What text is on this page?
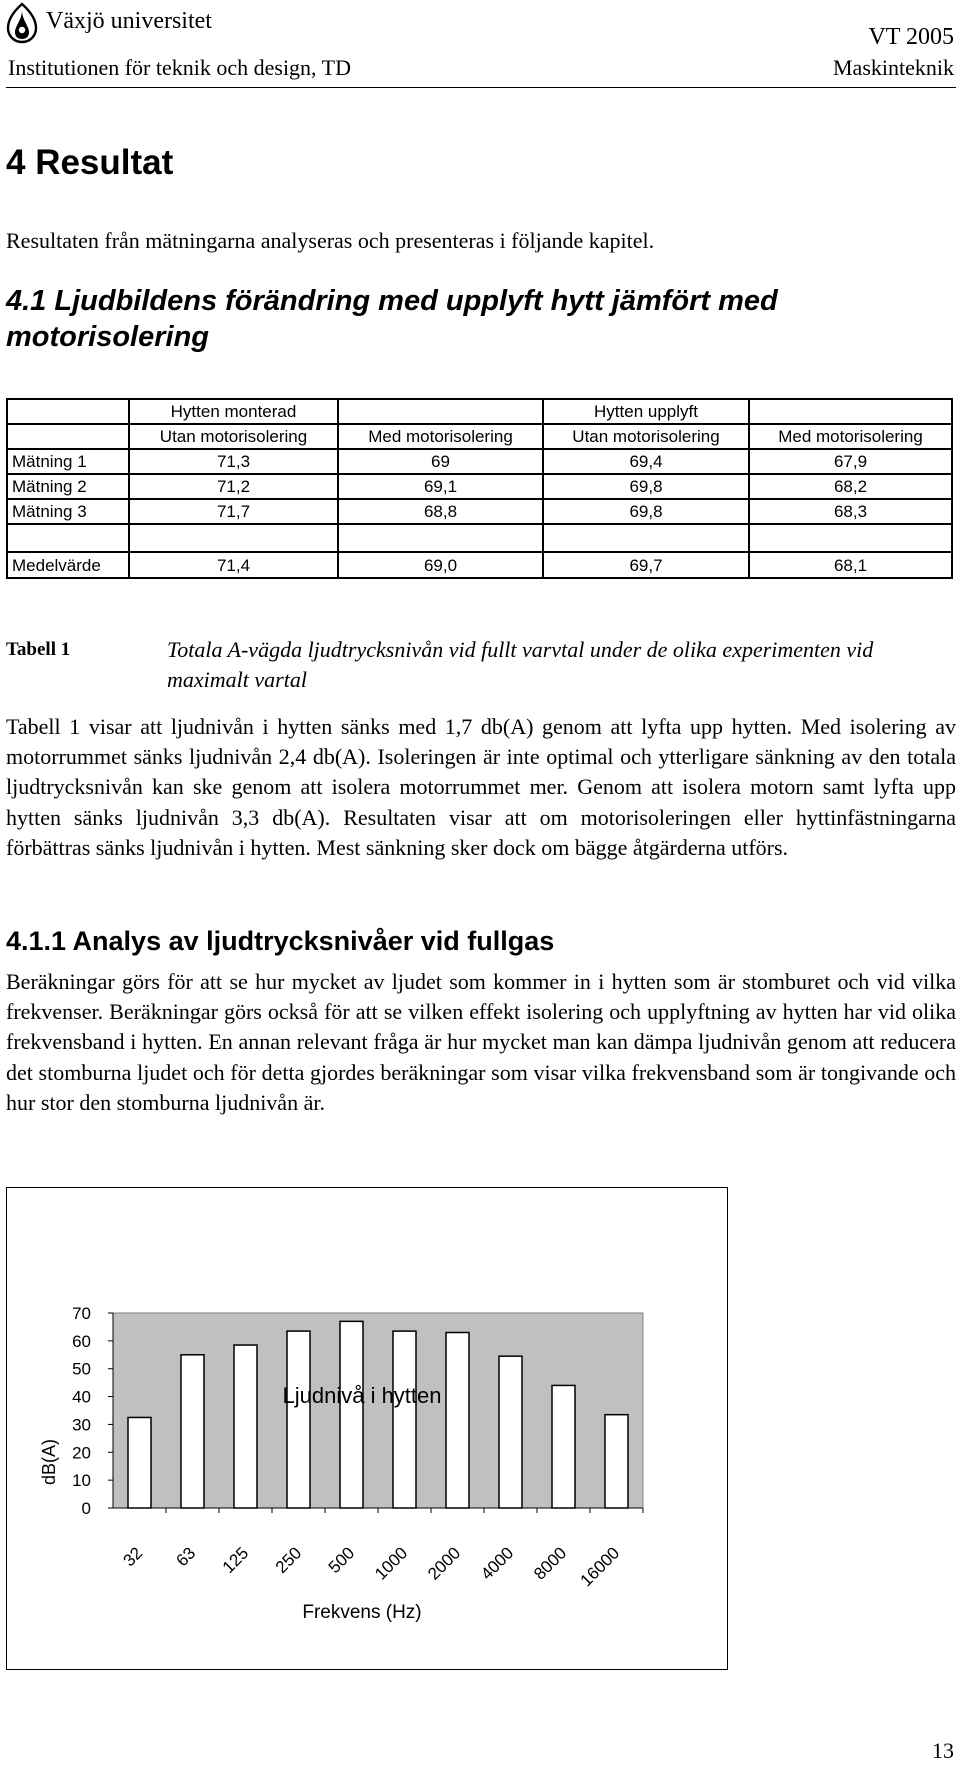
Växjö universitet
Institutionen för teknik och design, TD
VT 2005
Maskinteknik
4 Resultat
Resultaten från mätningarna analyseras och presenteras i följande kapitel.
4.1 Ljudbildens förändring med upplyft hytt jämfört med motorisolering
	Hytten monterad		Hytten upplyft	
	Utan motorisolering	Med motorisolering	Utan motorisolering	Med motorisolering
Mätning 1	71,3	69	69,4	67,9
Mätning 2	71,2	69,1	69,8	68,2
Mätning 3	71,7	68,8	69,8	68,3

Medelvärde	71,4	69,0	69,7	68,1
Tabell 1	Totala A-vägda ljudtrycksnivån vid fullt varvtal under de olika experimenten vid maximalt vartal
Tabell 1 visar att ljudnivån i hytten sänks med 1,7 db(A) genom att lyfta upp hytten. Med isolering av motorrummet sänks ljudnivån 2,4 db(A). Isoleringen är inte optimal och ytterligare sänkning av den totala ljudtrycksnivån kan ske genom att isolera motorrummet mer. Genom att isolera motorn samt lyfta upp hytten sänks ljudnivån 3,3 db(A). Resultaten visar att om motorisoleringen eller hyttinfästningarna förbättras sänks ljudnivån i hytten. Mest sänkning sker dock om bägge åtgärderna utförs.
4.1.1 Analys av ljudtrycksnivåer vid fullgas
Beräkningar görs för att se hur mycket av ljudet som kommer in i hytten som är stomburet och vid vilka frekvenser. Beräkningar görs också för att se vilken effekt isolering och upplyftning av hytten har vid olika frekvensband i hytten. En annan relevant fråga är hur mycket man kan dämpa ljudnivån genom att reducera det stomburna ljudet och för detta gjordes beräkningar som visar vilka frekvensband som är tongivande och hur stor den stomburna ljudnivån är.
0
10
20
30
40
50
60
70
32 63 125 250 500 1000 2000 4000 8000 16000
Ljudnivå i hytten
Frekvens (Hz)
dB(A)
13
